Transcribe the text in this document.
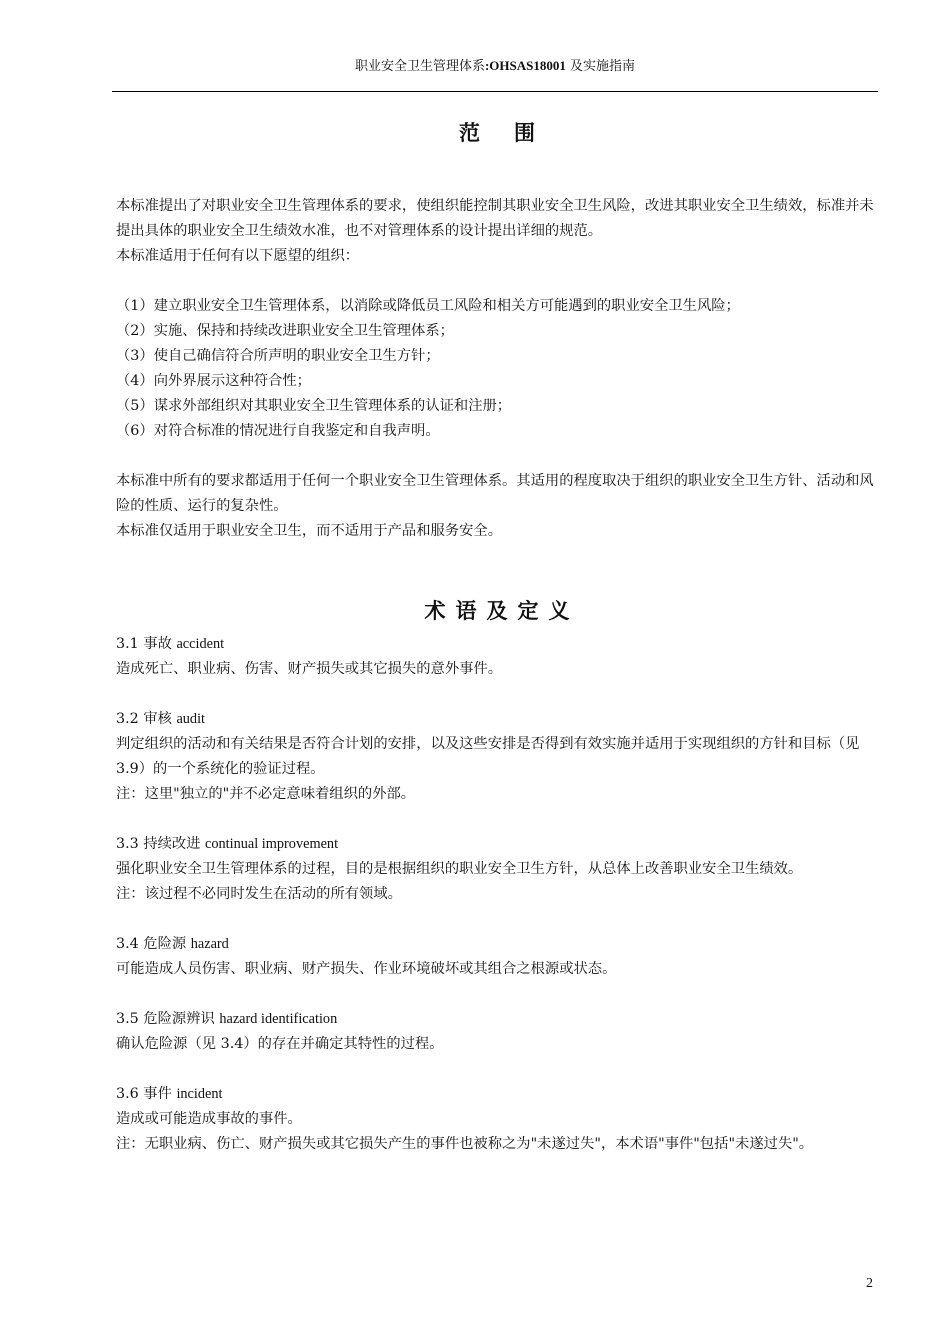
职业安全卫生管理体系:OHSAS18001 及实施指南
范围

本标准提出了对职业安全卫生管理体系的要求，使组织能控制其职业安全卫生风险，改进其职业安全卫生绩效，标准并未提出具体的职业安全卫生绩效水准，也不对管理体系的设计提出详细的规范。

本标准适用于任何有以下愿望的组织：

（1）建立职业安全卫生管理体系，以消除或降低员工风险和相关方可能遇到的职业安全卫生风险；

（2）实施、保持和持续改进职业安全卫生管理体系；

（3）使自己确信符合所声明的职业安全卫生方针；

（4）向外界展示这种符合性；

（5）谋求外部组织对其职业安全卫生管理体系的认证和注册；

（6）对符合标准的情况进行自我鉴定和自我声明。

本标准中所有的要求都适用于任何一个职业安全卫生管理体系。其适用的程度取决于组织的职业安全卫生方针、活动和风险的性质、运行的复杂性。

本标准仅适用于职业安全卫生，而不适用于产品和服务安全。

术语及定义

3.1 事故 accident

造成死亡、职业病、伤害、财产损失或其它损失的意外事件。

3.2 审核 audit

判定组织的活动和有关结果是否符合计划的安排，以及这些安排是否得到有效实施并适用于实现组织的方针和目标（见 3.9）的一个系统化的验证过程。

注：这里"独立的"并不必定意味着组织的外部。

3.3 持续改进 continual improvement

强化职业安全卫生管理体系的过程，目的是根据组织的职业安全卫生方针，从总体上改善职业安全卫生绩效。

注：该过程不必同时发生在活动的所有领域。

3.4 危险源 hazard

可能造成人员伤害、职业病、财产损失、作业环境破坏或其组合之根源或状态。

3.5 危险源辨识 hazard identification

确认危险源（见 3.4）的存在并确定其特性的过程。

3.6 事件 incident

造成或可能造成事故的事件。

注：无职业病、伤亡、财产损失或其它损失产生的事件也被称之为"未遂过失"，本术语"事件"包括"未遂过失"。

2
